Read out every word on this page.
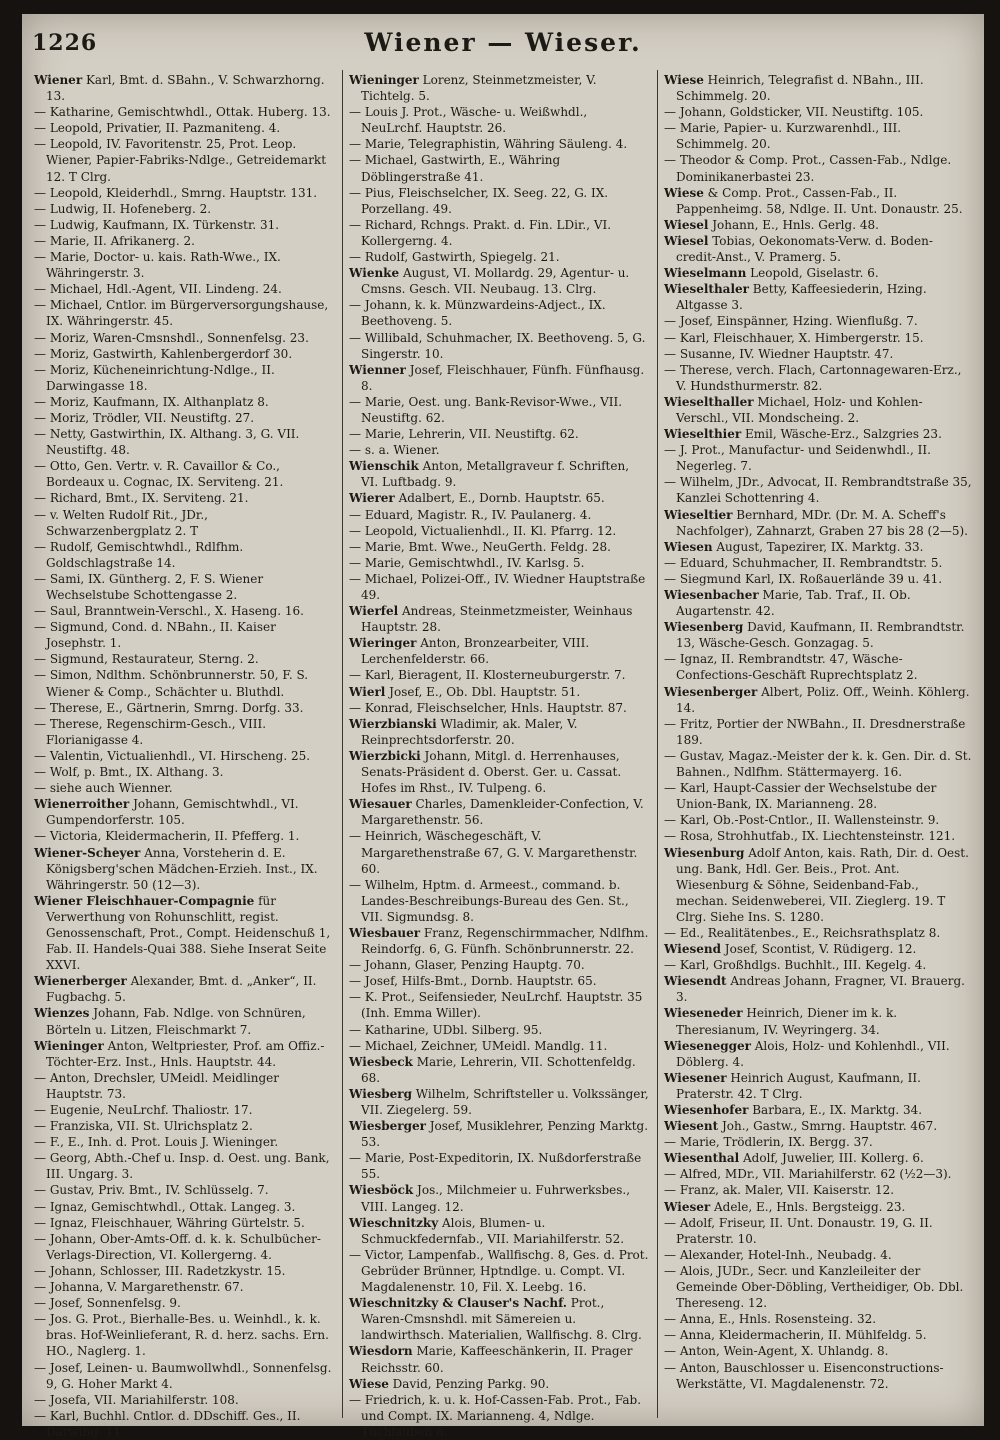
1226	Wiener — Wieser.

Wiener Karl, Bmt. d. SBahn., V. Schwarzhorng. 13.

— Katharine, Gemischtwhdl., Ottak. Huberg. 13.

— Leopold, Privatier, II. Pazmaniteng. 4.

— Leopold, IV. Favoritenstr. 25, Prot. Leop. Wiener, Papier-Fabriks-Ndlge., Getreidemarkt 12. T Clrg.

— Leopold, Kleiderhdl., Smrng. Hauptstr. 131.

— Ludwig, II. Hofeneberg. 2.

— Ludwig, Kaufmann, IX. Türkenstr. 31.

— Marie, II. Afrikanerg. 2.

— Marie, Doctor- u. kais. Rath-Wwe., IX. Währingerstr. 3.

— Michael, Hdl.-Agent, VII. Lindeng. 24.

— Michael, Cntlor. im Bürgerversorgungshause, IX. Währingerstr. 45.

— Moriz, Waren-Cmsnshdl., Sonnenfelsg. 23.

— Moriz, Gastwirth, Kahlenbergerdorf 30.

— Moriz, Kücheneinrichtung-Ndlge., II. Darwingasse 18.

— Moriz, Kaufmann, IX. Althanplatz 8.

— Moriz, Trödler, VII. Neustiftg. 27.

— Netty, Gastwirthin, IX. Althang. 3, G. VII. Neustiftg. 48.

— Otto, Gen. Vertr. v. R. Cavaillor & Co., Bordeaux u. Cognac, IX. Serviteng. 21.

— Richard, Bmt., IX. Serviteng. 21.

— v. Welten Rudolf Rit., JDr., Schwarzenbergplatz 2. T

— Rudolf, Gemischtwhdl., Rdlfhm. Goldschlagstraße 14.

— Sami, IX. Güntherg. 2, F. S. Wiener Wechselstube Schottengasse 2.

— Saul, Branntwein-Verschl., X. Haseng. 16.

— Sigmund, Cond. d. NBahn., II. Kaiser Josephstr. 1.

— Sigmund, Restaurateur, Sterng. 2.

— Simon, Ndlthm. Schönbrunnerstr. 50, F. S. Wiener & Comp., Schächter u. Bluthdl.

— Therese, E., Gärtnerin, Smrng. Dorfg. 33.

— Therese, Regenschirm-Gesch., VIII. Florianigasse 4.

— Valentin, Victualienhdl., VI. Hirscheng. 25.

— Wolf, p. Bmt., IX. Althang. 3.

— siehe auch Wienner.

Wienerroither Johann, Gemischtwhdl., VI. Gumpendorferstr. 105.

— Victoria, Kleidermacherin, II. Pfefferg. 1.

Wiener-Scheyer Anna, Vorsteherin d. E. Königsberg'schen Mädchen-Erzieh. Inst., IX. Währingerstr. 50 (12—3).

Wiener Fleischhauer-Compagnie für Verwerthung von Rohunschlitt, regist. Genossenschaft, Prot., Compt. Heidenschuß 1, Fab. II. Handels-Quai 388. Siehe Inserat Seite XXVI.

Wienerberger Alexander, Bmt. d. „Anker“, II. Fugbachg. 5.

Wienzes Johann, Fab. Ndlge. von Schnüren, Börteln u. Litzen, Fleischmarkt 7.

Wieninger Anton, Weltpriester, Prof. am Offiz.-Töchter-Erz. Inst., Hnls. Hauptstr. 44.

— Anton, Drechsler, UMeidl. Meidlinger Hauptstr. 73.

— Eugenie, NeuLrchf. Thaliostr. 17.

— Franziska, VII. St. Ulrichsplatz 2.

— F., E., Inh. d. Prot. Louis J. Wieninger.

— Georg, Abth.-Chef u. Insp. d. Oest. ung. Bank, III. Ungarg. 3.

— Gustav, Priv. Bmt., IV. Schlüsselg. 7.

— Ignaz, Gemischtwhdl., Ottak. Langeg. 3.

— Ignaz, Fleischhauer, Währing Gürtelstr. 5.

— Johann, Ober-Amts-Off. d. k. k. Schulbücher-Verlags-Direction, VI. Kollergerng. 4.

— Johann, Schlosser, III. Radetzkystr. 15.

— Johanna, V. Margarethenstr. 67.

— Josef, Sonnenfelsg. 9.

— Jos. G. Prot., Bierhalle-Bes. u. Weinhdl., k. k. bras. Hof-Weinlieferant, R. d. herz. sachs. Ern. HO., Naglerg. 1.

— Josef, Leinen- u. Baumwollwhdl., Sonnenfelsg. 9, G. Hoher Markt 4.

— Josefa, VII. Mariahilferstr. 108.

— Karl, Buchhl. Cntlor. d. DDschiff. Ges., II. Darwing. 11.

Wieninger Lorenz, Steinmetzmeister, V. Tichtelg. 5.

— Louis J. Prot., Wäsche- u. Weißwhdl., NeuLrchf. Hauptstr. 26.

— Marie, Telegraphistin, Währing Säuleng. 4.

— Michael, Gastwirth, E., Währing Döblingerstraße 41.

— Pius, Fleischselcher, IX. Seeg. 22, G. IX. Porzellang. 49.

— Richard, Rchngs. Prakt. d. Fin. LDir., VI. Kollergerng. 4.

— Rudolf, Gastwirth, Spiegelg. 21.

Wienke August, VI. Mollardg. 29, Agentur- u. Cmsns. Gesch. VII. Neubaug. 13. Clrg.

— Johann, k. k. Münzwardeins-Adject., IX. Beethoveng. 5.

— Willibald, Schuhmacher, IX. Beethoveng. 5, G. Singerstr. 10.

Wienner Josef, Fleischhauer, Fünfh. Fünfhausg. 8.

— Marie, Oest. ung. Bank-Revisor-Wwe., VII. Neustiftg. 62.

— Marie, Lehrerin, VII. Neustiftg. 62.

— s. a. Wiener.

Wienschik Anton, Metallgraveur f. Schriften, VI. Luftbadg. 9.

Wierer Adalbert, E., Dornb. Hauptstr. 65.

— Eduard, Magistr. R., IV. Paulanerg. 4.

— Leopold, Victualienhdl., II. Kl. Pfarrg. 12.

— Marie, Bmt. Wwe., NeuGerth. Feldg. 28.

— Marie, Gemischtwhdl., IV. Karlsg. 5.

— Michael, Polizei-Off., IV. Wiedner Hauptstraße 49.

Wierfel Andreas, Steinmetzmeister, Weinhaus Hauptstr. 28.

Wieringer Anton, Bronzearbeiter, VIII. Lerchenfelderstr. 66.

— Karl, Bieragent, II. Klosterneuburgerstr. 7.

Wierl Josef, E., Ob. Dbl. Hauptstr. 51.

— Konrad, Fleischselcher, Hnls. Hauptstr. 87.

Wierzbianski Wladimir, ak. Maler, V. Reinprechtsdorferstr. 20.

Wierzbicki Johann, Mitgl. d. Herrenhauses, Senats-Präsident d. Oberst. Ger. u. Cassat. Hofes im Rhst., IV. Tulpeng. 6.

Wiesauer Charles, Damenkleider-Confection, V. Margarethenstr. 56.

— Heinrich, Wäschegeschäft, V. Margarethenstraße 67, G. V. Margarethenstr. 60.

— Wilhelm, Hptm. d. Armeest., command. b. Landes-Beschreibungs-Bureau des Gen. St., VII. Sigmundsg. 8.

Wiesbauer Franz, Regenschirmmacher, Ndlfhm. Reindorfg. 6, G. Fünfh. Schönbrunnerstr. 22.

— Johann, Glaser, Penzing Hauptg. 70.

— Josef, Hilfs-Bmt., Dornb. Hauptstr. 65.

— K. Prot., Seifensieder, NeuLrchf. Hauptstr. 35 (Inh. Emma Willer).

— Katharine, UDbl. Silberg. 95.

— Michael, Zeichner, UMeidl. Mandlg. 11.

Wiesbeck Marie, Lehrerin, VII. Schottenfeldg. 68.

Wiesberg Wilhelm, Schriftsteller u. Volkssänger, VII. Ziegelerg. 59.

Wiesberger Josef, Musiklehrer, Penzing Marktg. 53.

— Marie, Post-Expeditorin, IX. Nußdorferstraße 55.

Wiesböck Jos., Milchmeier u. Fuhrwerksbes., VIII. Langeg. 12.

Wieschnitzky Alois, Blumen- u. Schmuckfedernfab., VII. Mariahilferstr. 52.

— Victor, Lampenfab., Wallfischg. 8, Ges. d. Prot. Gebrüder Brünner, Hptndlge. u. Compt. VI. Magdalenenstr. 10, Fil. X. Leebg. 16.

Wieschnitzky & Clauser's Nachf. Prot., Waren-Cmsnshdl. mit Sämereien u. landwirthsch. Materialien, Wallfischg. 8. Clrg.

Wiesdorn Marie, Kaffeeschänkerin, II. Prager Reichsstr. 60.

Wiese David, Penzing Parkg. 90.

— Friedrich, k. u. k. Hof-Cassen-Fab. Prot., Fab. und Compt. IX. Marianneng. 4, Ndlge. Tuchlauben 8.

Wiese Heinrich, Telegrafist d. NBahn., III. Schimmelg. 20.

— Johann, Goldsticker, VII. Neustiftg. 105.

— Marie, Papier- u. Kurzwarenhdl., III. Schimmelg. 20.

— Theodor & Comp. Prot., Cassen-Fab., Ndlge. Dominikanerbastei 23.

Wiese & Comp. Prot., Cassen-Fab., II. Pappenheimg. 58, Ndlge. II. Unt. Donaustr. 25.

Wiesel Johann, E., Hnls. Gerlg. 48.

Wiesel Tobias, Oekonomats-Verw. d. Boden-credit-Anst., V. Pramerg. 5.

Wieselmann Leopold, Giselastr. 6.

Wieselthaler Betty, Kaffeesiederin, Hzing. Altgasse 3.

— Josef, Einspänner, Hzing. Wienflußg. 7.

— Karl, Fleischhauer, X. Himbergerstr. 15.

— Susanne, IV. Wiedner Hauptstr. 47.

— Therese, verch. Flach, Cartonnagewaren-Erz., V. Hundsthurmerstr. 82.

Wieselthaller Michael, Holz- und Kohlen-Verschl., VII. Mondscheing. 2.

Wieselthier Emil, Wäsche-Erz., Salzgries 23.

— J. Prot., Manufactur- und Seidenwhdl., II. Negerleg. 7.

— Wilhelm, JDr., Advocat, II. Rembrandtstraße 35, Kanzlei Schottenring 4.

Wieseltier Bernhard, MDr. (Dr. M. A. Scheff's Nachfolger), Zahnarzt, Graben 27 bis 28 (2—5).

Wiesen August, Tapezirer, IX. Marktg. 33.

— Eduard, Schuhmacher, II. Rembrandtstr. 5.

— Siegmund Karl, IX. Roßauerlände 39 u. 41.

Wiesenbacher Marie, Tab. Traf., II. Ob. Augartenstr. 42.

Wiesenberg David, Kaufmann, II. Rembrandtstr. 13, Wäsche-Gesch. Gonzagag. 5.

— Ignaz, II. Rembrandtstr. 47, Wäsche-Confections-Geschäft Ruprechtsplatz 2.

Wiesenberger Albert, Poliz. Off., Weinh. Köhlerg. 14.

— Fritz, Portier der NWBahn., II. Dresdnerstraße 189.

— Gustav, Magaz.-Meister der k. k. Gen. Dir. d. St. Bahnen., Ndlfhm. Stättermayerg. 16.

— Karl, Haupt-Cassier der Wechselstube der Union-Bank, IX. Marianneng. 28.

— Karl, Ob.-Post-Cntlor., II. Wallensteinstr. 9.

— Rosa, Strohhutfab., IX. Liechtensteinstr. 121.

Wiesenburg Adolf Anton, kais. Rath, Dir. d. Oest. ung. Bank, Hdl. Ger. Beis., Prot. Ant. Wiesenburg & Söhne, Seidenband-Fab., mechan. Seidenweberei, VII. Zieglerg. 19. T Clrg. Siehe Ins. S. 1280.

— Ed., Realitätenbes., E., Reichsrathsplatz 8.

Wiesend Josef, Scontist, V. Rüdigerg. 12.

— Karl, Großhdlgs. Buchhlt., III. Kegelg. 4.

Wiesendt Andreas Johann, Fragner, VI. Brauerg. 3.

Wieseneder Heinrich, Diener im k. k. Theresianum, IV. Weyringerg. 34.

Wiesenegger Alois, Holz- und Kohlenhdl., VII. Döblerg. 4.

Wiesener Heinrich August, Kaufmann, II. Praterstr. 42. T Clrg.

Wiesenhofer Barbara, E., IX. Marktg. 34.

Wiesent Joh., Gastw., Smrng. Hauptstr. 467.

— Marie, Trödlerin, IX. Bergg. 37.

Wiesenthal Adolf, Juwelier, III. Kollerg. 6.

— Alfred, MDr., VII. Mariahilferstr. 62 (½2—3).

— Franz, ak. Maler, VII. Kaiserstr. 12.

Wieser Adele, E., Hnls. Bergsteigg. 23.

— Adolf, Friseur, II. Unt. Donaustr. 19, G. II. Praterstr. 10.

— Alexander, Hotel-Inh., Neubadg. 4.

— Alois, JUDr., Secr. und Kanzleileiter der Gemeinde Ober-Döbling, Vertheidiger, Ob. Dbl. Thereseng. 12.

— Anna, E., Hnls. Rosensteing. 32.

— Anna, Kleidermacherin, II. Mühlfeldg. 5.

— Anton, Wein-Agent, X. Uhlandg. 8.

— Anton, Bauschlosser u. Eisenconstructions-Werkstätte, VI. Magdalenenstr. 72.
